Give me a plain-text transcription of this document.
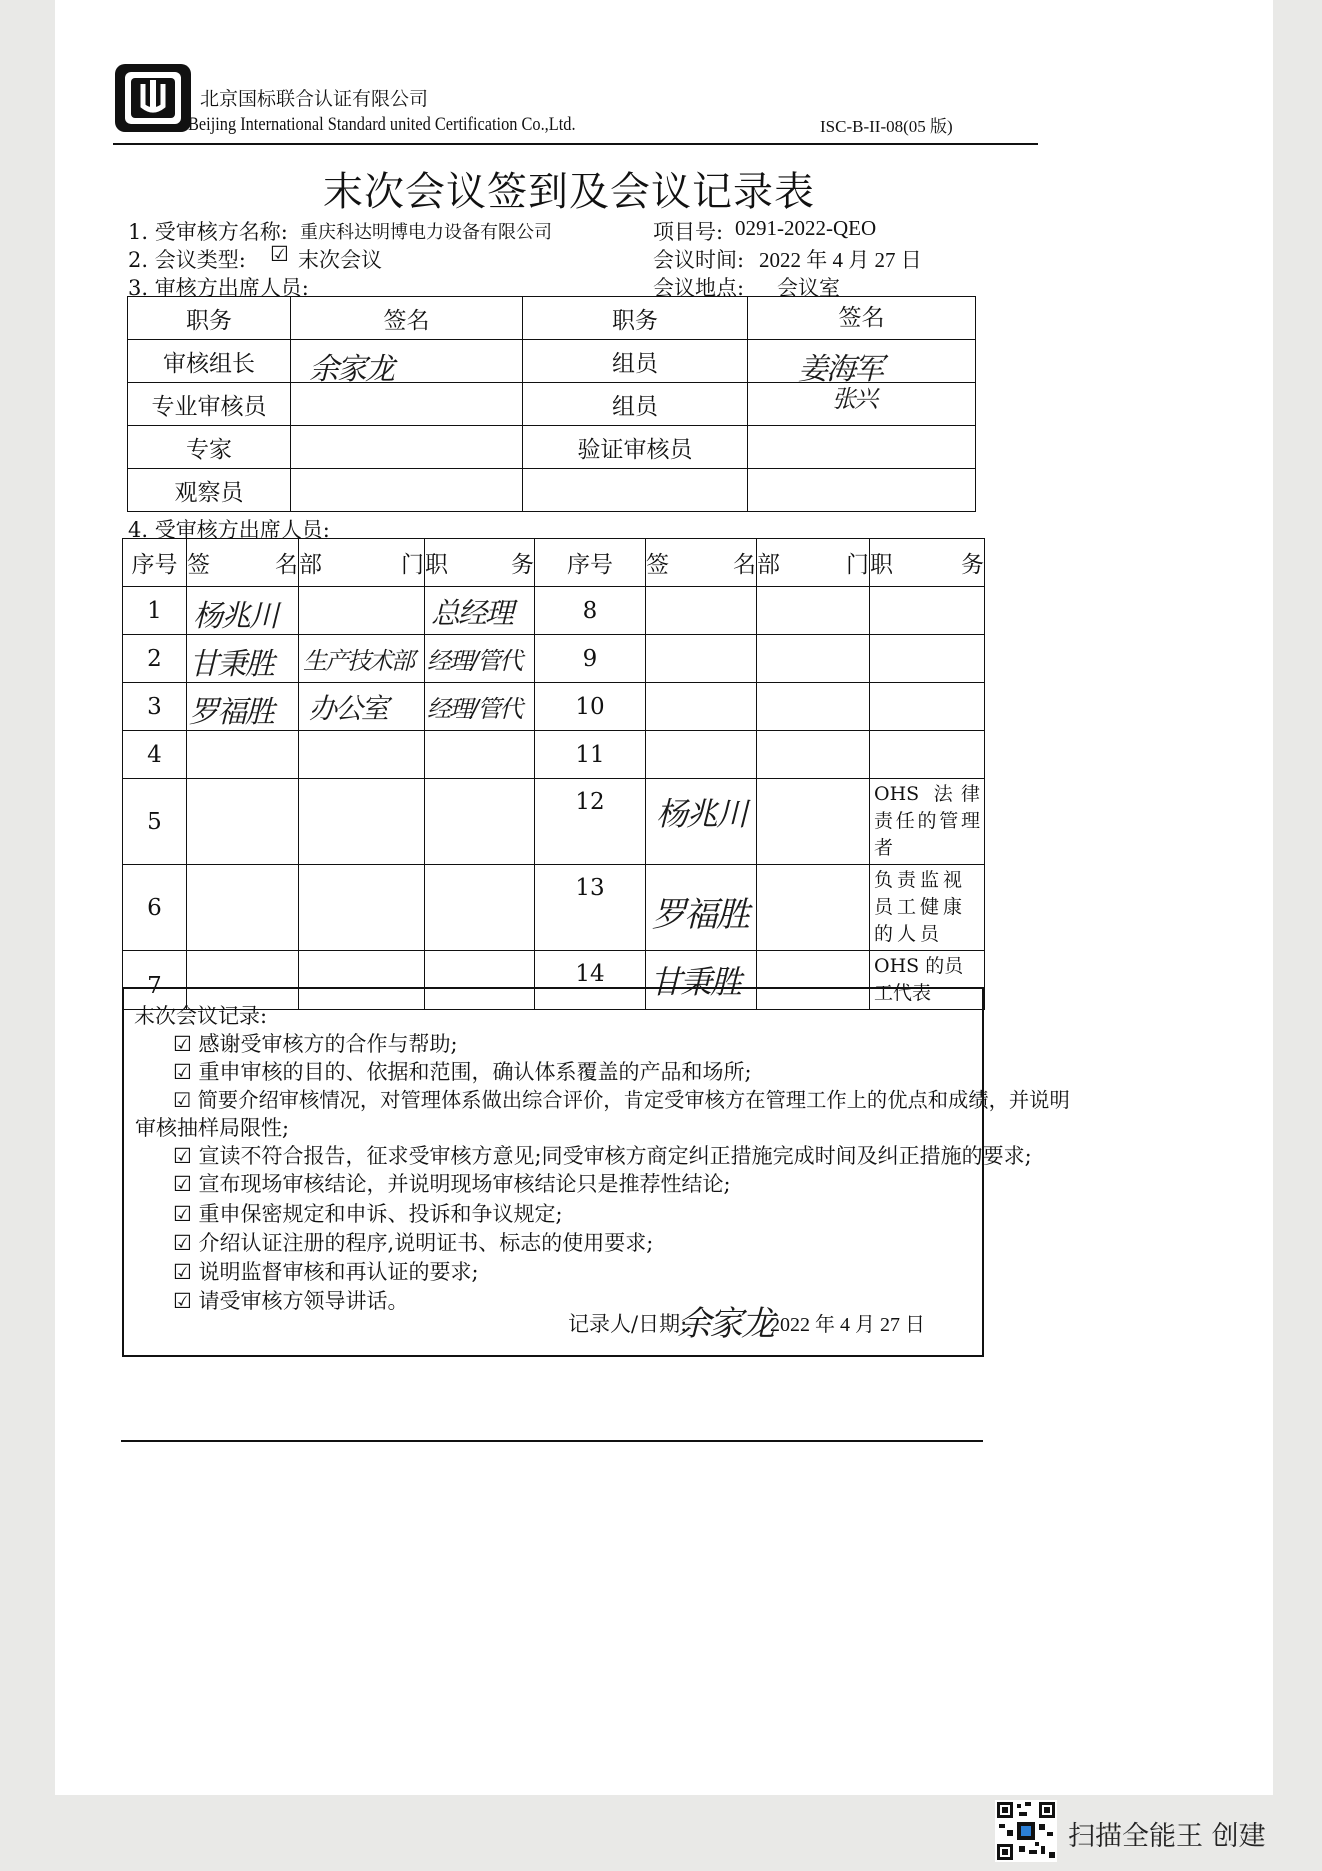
北京国标联合认证有限公司
Beijing International Standard united Certification Co.,Ltd.	ISC-B-II-08(05 版)
末次会议签到及会议记录表
1. 受审核方名称: 重庆科达明博电力设备有限公司	项目号: 0291-2022-QEO
2. 会议类型: ☑ 末次会议	会议时间: 2022 年 4 月 27 日
3. 审核方出席人员:	会议地点: 会议室
职务	签名	职务	签名
审核组长	余家龙	组员	姜海军

专业审核员		组员	张兴

专家		验证审核员	
观察员			
4. 受审核方出席人员:
序号	签 名	部 门	职 务	序号	签 名	部 门	职 务

1	杨兆川		总经理	8			
2	甘秉胜	生产技术部	经理/管代	9			
3	罗福胜	办公室	经理/管代	10			
4				11			
5				12	杨兆川		OHS 法律责任的管理者
6				13	罗福胜		负责监视员工健康的人员
7				14	甘秉胜		OHS 的员工代表
末次会议记录:
☑ 感谢受审核方的合作与帮助;
☑ 重申审核的目的、依据和范围，确认体系覆盖的产品和场所;
☑ 简要介绍审核情况，对管理体系做出综合评价，肯定受审核方在管理工作上的优点和成绩，并说明
审核抽样局限性;
☑ 宣读不符合报告，征求受审核方意见;同受审核方商定纠正措施完成时间及纠正措施的要求;
☑ 宣布现场审核结论，并说明现场审核结论只是推荐性结论;
☑ 重申保密规定和申诉、投诉和争议规定;
☑ 介绍认证注册的程序,说明证书、标志的使用要求;
☑ 说明监督审核和再认证的要求;
☑ 请受审核方领导讲话。
记录人/日期:
余家龙
2022 年 4 月 27 日
扫描全能王 创建
